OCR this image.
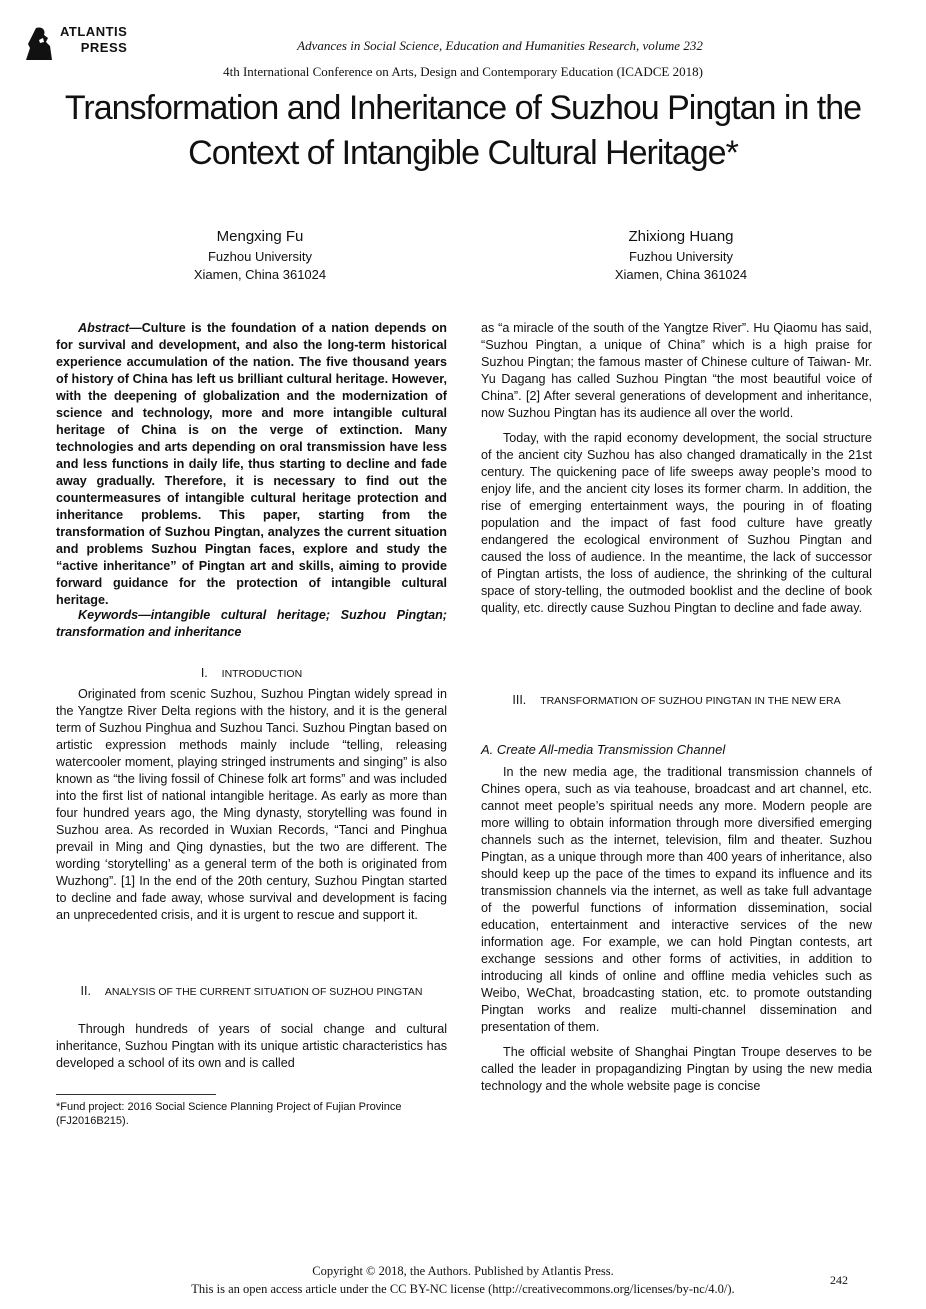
ATLANTIS
PRESS	Advances in Social Science, Education and Humanities Research, volume 232
4th International Conference on Arts, Design and Contemporary Education (ICADCE 2018)
Transformation and Inheritance of Suzhou Pingtan in the Context of Intangible Cultural Heritage*
Mengxing Fu
Fuzhou University
Xiamen, China 361024
Zhixiong Huang
Fuzhou University
Xiamen, China 361024

Abstract—Culture is the foundation of a nation depends on for survival and development, and also the long-term historical experience accumulation of the nation. The five thousand years of history of China has left us brilliant cultural heritage. However, with the deepening of globalization and the modernization of science and technology, more and more intangible cultural heritage of China is on the verge of extinction. Many technologies and arts depending on oral transmission have less and less functions in daily life, thus starting to decline and fade away gradually. Therefore, it is necessary to find out the countermeasures of intangible cultural heritage protection and inheritance problems. This paper, starting from the transformation of Suzhou Pingtan, analyzes the current situation and problems Suzhou Pingtan faces, explore and study the “active inheritance” of Pingtan art and skills, aiming to provide forward guidance for the protection of intangible cultural heritage.

Keywords—intangible cultural heritage; Suzhou Pingtan; transformation and inheritance

I. INTRODUCTION

Originated from scenic Suzhou, Suzhou Pingtan widely spread in the Yangtze River Delta regions with the history, and it is the general term of Suzhou Pinghua and Suzhou Tanci. Suzhou Pingtan based on artistic expression methods mainly include “telling, releasing watercooler moment, playing stringed instruments and singing” is also known as “the living fossil of Chinese folk art forms” and was included into the first list of national intangible heritage. As early as more than four hundred years ago, the Ming dynasty, storytelling was found in Suzhou area. As recorded in Wuxian Records, “Tanci and Pinghua prevail in Ming and Qing dynasties, but the two are different. The wording ‘storytelling’ as a general term of the both is originated from Wuzhong”. [1] In the end of the 20th century, Suzhou Pingtan started to decline and fade away, whose survival and development is facing an unprecedented crisis, and it is urgent to rescue and support it.

II. ANALYSIS OF THE CURRENT SITUATION OF SUZHOU PINGTAN

Through hundreds of years of social change and cultural inheritance, Suzhou Pingtan with its unique artistic characteristics has developed a school of its own and is called

*Fund project: 2016 Social Science Planning Project of Fujian Province (FJ2016B215).

as “a miracle of the south of the Yangtze River”. Hu Qiaomu has said, “Suzhou Pingtan, a unique of China” which is a high praise for Suzhou Pingtan; the famous master of Chinese culture of Taiwan- Mr. Yu Dagang has called Suzhou Pingtan “the most beautiful voice of China”. [2] After several generations of development and inheritance, now Suzhou Pingtan has its audience all over the world.

Today, with the rapid economy development, the social structure of the ancient city Suzhou has also changed dramatically in the 21st century. The quickening pace of life sweeps away people’s mood to enjoy life, and the ancient city loses its former charm. In addition, the rise of emerging entertainment ways, the pouring in of floating population and the impact of fast food culture have greatly endangered the ecological environment of Suzhou Pingtan and caused the loss of audience. In the meantime, the lack of successor of Pingtan artists, the loss of audience, the shrinking of the cultural space of story-telling, the outmoded booklist and the decline of book quality, etc. directly cause Suzhou Pingtan to decline and fade away.

III. TRANSFORMATION OF SUZHOU PINGTAN IN THE NEW ERA
A. Create All-media Transmission Channel

In the new media age, the traditional transmission channels of Chines opera, such as via teahouse, broadcast and art channel, etc. cannot meet people’s spiritual needs any more. Modern people are more willing to obtain information through more diversified emerging channels such as the internet, television, film and theater. Suzhou Pingtan, as a unique through more than 400 years of inheritance, also should keep up the pace of the times to expand its influence and its transmission channels via the internet, as well as take full advantage of the powerful functions of information dissemination, social education, entertainment and interactive services of the new information age. For example, we can hold Pingtan contests, art exchange sessions and other forms of activities, in addition to introducing all kinds of online and offline media vehicles such as Weibo, WeChat, broadcasting station, etc. to promote outstanding Pingtan works and realize multi-channel dissemination and presentation of them.

The official website of Shanghai Pingtan Troupe deserves to be called the leader in propagandizing Pingtan by using the new media technology and the whole website page is concise

Copyright © 2018, the Authors. Published by Atlantis Press.
This is an open access article under the CC BY-NC license (http://creativecommons.org/licenses/by-nc/4.0/).
242
